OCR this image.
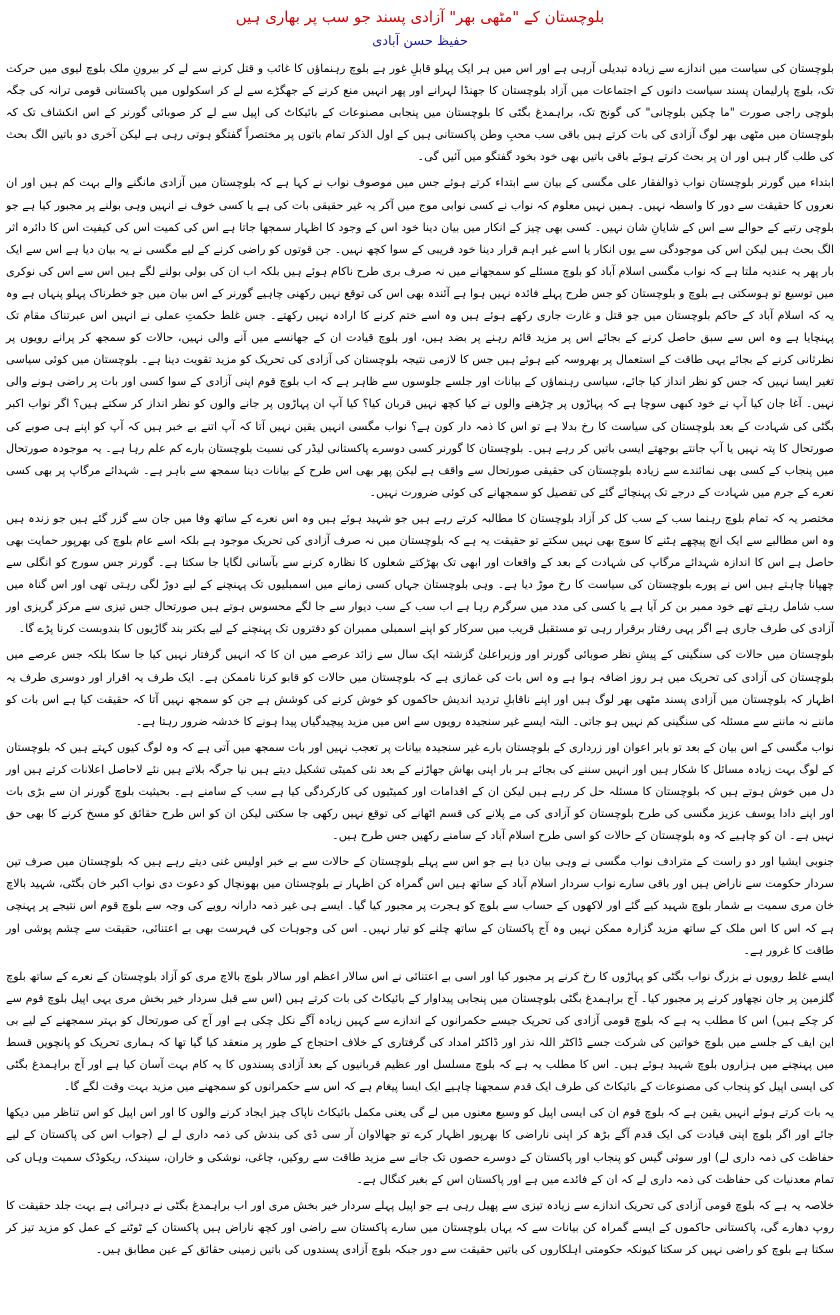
بلوچستان کے "مٹھی بھر" آزادی پسند جو سب پر بھاری ہیں
حفیظ حسن آبادی

بلوچستان کی سیاست میں اندازے سے زیادہ تبدیلی آرہی ہے اور اس میں ہر ایک پہلو قابلِ غور ہے بلوچ رہنماؤں کا غائب و قتل کرنے سے لے کر بیرونِ ملک بلوچ لیوی میں حرکت تک، بلوچ پارلیمان پسند سیاست دانوں کے اجتماعات میں آزاد بلوچستان کا جھنڈا لہرانے اور پھر انہیں منع کرنے کے جھگڑے سے لے کر اسکولوں میں پاکستانی قومی ترانہ کی جگہ بلوچی راجی صورت "ما چکیں بلوچانی" کی گونج تک، براہمدغ بگٹی کا بلوچستان میں پنجابی مصنوعات کے بائیکاٹ کی اپیل سے لے کر صوبائی گورنر کے اس انکشاف تک کہ بلوچستان میں مٹھی بھر لوگ آزادی کی بات کرتے ہیں باقی سب محبِ وطن پاکستانی ہیں کے اول الذکر تمام باتوں پر مختصراً گفتگو ہوتی رہی ہے لیکن آخری دو باتیں الگ بحث کی طلب گار ہیں اور ان پر بحث کرتے ہوئے باقی باتیں بھی خود بخود گفتگو میں آئیں گی۔

ابتداء میں گورنر بلوچستان نواب ذوالفقار علی مگسی کے بیان سے ابتداء کرتے ہوئے جس میں موصوف نواب نے کہا ہے کہ بلوچستان میں آزادی مانگنے والے بہت کم ہیں اور ان نعروں کا حقیقت سے دور کا واسطہ نہیں۔ ہمیں نہیں معلوم کہ نواب نے کسی نوابی موج میں آکر یہ غیر حقیقی بات کی ہے یا کسی خوف نے انہیں وہی بولنے پر مجبور کیا ہے جو بلوچی رتبے کے حوالے سے اس کے شایانِ شان نہیں۔ کسی بھی چیز کے انکار میں بیان دینا خود اس کے وجود کا اظہار سمجھا جاتا ہے اس کی کمیت اس کی کیفیت اس کا دائرہ اثر الگ بحث ہیں لیکن اس کی موجودگی سے یوں انکار یا اسے غیر اہم قرار دینا خود فریبی کے سوا کچھ نہیں۔ جن قوتوں کو راضی کرنے کے لیے مگسی نے یہ بیان دیا ہے اس سے ایک بار پھر یہ عندیہ ملتا ہے کہ نواب مگسی اسلام آباد کو بلوچ مسئلے کو سمجھانے میں نہ صرف بری طرح ناکام ہوئے ہیں بلکہ اب ان کی بولی بولنے لگے ہیں اس سے اس کی نوکری میں توسیع تو ہوسکتی ہے بلوچ و بلوچستان کو جس طرح پہلے فائدہ نہیں ہوا ہے آئندہ بھی اس کی توقع نہیں رکھنی چاہیے گورنر کے اس بیان میں جو خطرناک پہلو پنہاں ہے وہ یہ کہ اسلام آباد کے حاکم بلوچستان میں جو قتل و غارت جاری رکھے ہوئے ہیں وہ اسے ختم کرنے کا ارادہ نہیں رکھتے۔ جس غلط حکمتِ عملی نے انہیں اس عبرتناک مقام تک پہنچایا ہے وہ اس سے سبق حاصل کرنے کے بجائے اس پر مزید قائم رہنے پر بضد ہیں، اور بلوچ قیادت ان کے جھانسے میں آنے والی نہیں، حالات کو سمجھ کر پرانے رویوں پر نظرثانی کرنے کے بجائے یہی طاقت کے استعمال پر بھروسہ کیے ہوئے ہیں جس کا لازمی نتیجہ بلوچستان کی آزادی کی تحریک کو مزید تقویت دینا ہے۔ بلوچستان میں کوئی سیاسی تغیر ایسا نہیں کہ جس کو نظر انداز کیا جائے، سیاسی رہنماؤں کے بیانات اور جلسے جلوسوں سے ظاہر ہے کہ اب بلوچ قوم اپنی آزادی کے سوا کسی اور بات پر راضی ہونے والی نہیں۔ آغا جان کیا آپ نے خود کبھی سوچا ہے کہ پہاڑوں پر چڑھنے والوں نے کیا کچھ نہیں قربان کیا؟ کیا آپ ان پہاڑوں پر جانے والوں کو نظر انداز کر سکتے ہیں؟ اگر نواب اکبر بگٹی کی شہادت کے بعد بلوچستان کی سیاست کا رخ بدلا ہے تو اس کا ذمہ دار کون ہے؟ نواب مگسی انہیں یقین نہیں آتا کہ آپ اتنے بے خبر ہیں کہ آپ کو اپنے ہی صوبے کی صورتحال کا پتہ نہیں یا آپ جانتے بوجھتے ایسی باتیں کر رہے ہیں۔ بلوچستان کا گورنر کسی دوسرے پاکستانی لیڈر کی نسبت بلوچستان بارے کم علم رہا ہے۔ یہ موجودہ صورتحال میں پنجاب کے کسی بھی نمائندے سے زیادہ بلوچستان کی حقیقی صورتحال سے واقف ہے لیکن پھر بھی اس طرح کے بیانات دینا سمجھ سے باہر ہے۔ شہدائے مرگاپ پر بھی کسی نعرے کے جرم میں شہادت کے درجے تک پہنچائے گئے کی تفصیل کو سمجھانے کی کوئی ضرورت نہیں۔

مختصر یہ کہ تمام بلوچ رہنما سب کے سب کل کر آزاد بلوچستان کا مطالبہ کرتے رہے ہیں جو شہید ہوئے ہیں وہ اس نعرے کے ساتھ وفا میں جان سے گزر گئے ہیں جو زندہ ہیں وہ اس مطالبے سے ایک انچ پیچھے ہٹنے کا سوچ بھی نہیں سکتے تو حقیقت یہ ہے کہ بلوچستان میں نہ صرف آزادی کی تحریک موجود ہے بلکہ اسے عام بلوچ کی بھرپور حمایت بھی حاصل ہے اس کا اندازہ شہدائے مرگاپ کی شہادت کے بعد کے واقعات اور ابھی تک بھڑکتے شعلوں کا نظارہ کرنے سے بآسانی لگایا جا سکتا ہے۔ گورنر جس سورج کو انگلی سے چھپانا چاہتے ہیں اس نے پورے بلوچستان کی سیاست کا رخ موڑ دیا ہے۔ وہی بلوچستان جہاں کسی زمانے میں اسمبلیوں تک پہنچنے کے لیے دوڑ لگی رہتی تھی اور اس گناہ میں سب شامل رہتے تھے خود ممبر بن کر آیا ہے یا کسی کی مدد میں سرگرم رہا ہے اب سب کے سب دیوار سے جا لگے محسوس ہوتے ہیں صورتحال جس تیزی سے مرکز گریزی اور آزادی کی طرف جاری ہے اگر یہی رفتار برقرار رہی تو مستقبل قریب میں سرکار کو اپنے اسمبلی ممبران کو دفتروں تک پہنچنے کے لیے بکتر بند گاڑیوں کا بندوبست کرنا پڑے گا۔

بلوچستان میں حالات کی سنگینی کے پیشِ نظر صوبائی گورنر اور وزیراعلیٰ گزشتہ ایک سال سے زائد عرصے میں ان کا کہ انہیں گرفتار نہیں کیا جا سکا بلکہ جس عرصے میں بلوچستان کی آزادی کی تحریک میں ہر روز اضافہ ہوا ہے وہ اس بات کی غمازی ہے کہ بلوچستان میں حالات کو قابو کرنا ناممکن ہے۔ ایک طرف یہ اقرار اور دوسری طرف یہ اظہار کہ بلوچستان میں آزادی پسند مٹھی بھر لوگ ہیں اور اپنے ناقابلِ تردید اندیش حاکموں کو خوش کرنے کی کوشش ہے جن کو سمجھ نہیں آتا کہ حقیقت کیا ہے اس بات کو ماننے نہ ماننے سے مسئلہ کی سنگینی کم نہیں ہو جاتی۔ البتہ ایسے غیر سنجیدہ رویوں سے اس میں مزید پیچیدگیاں پیدا ہونے کا خدشہ ضرور رہتا ہے۔

نواب مگسی کے اس بیان کے بعد تو بابر اعوان اور زرداری کے بلوچستان بارے غیر سنجیدہ بیانات پر تعجب نہیں اور بات سمجھ میں آتی ہے کہ وہ لوگ کیوں کہتے ہیں کہ بلوچستان کے لوگ بہت زیادہ مسائل کا شکار ہیں اور انہیں سننے کی بجائے ہر بار اپنی بھاش جھاڑنے کے بعد نئی کمیٹی تشکیل دیتے ہیں نیا جرگہ بلاتے ہیں نئے لاحاصل اعلانات کرتے ہیں اور دل میں خوش ہوتے ہیں کہ بلوچستان کا مسئلہ حل کر رہے ہیں لیکن ان کے اقدامات اور کمیٹیوں کی کارکردگی کیا ہے سب کے سامنے ہے۔ بحیثیت بلوچ گورنر ان سے بڑی بات اور اپنے دادا یوسف عزیز مگسی کی طرح بلوچستان کو آزادی کی مے پلانے کی قسم اٹھانے کی توقع نہیں رکھی جا سکتی لیکن ان کو اس طرح حقائق کو مسخ کرنے کا بھی حق نہیں ہے۔ ان کو چاہیے کہ وہ بلوچستان کے حالات کو اسی طرح اسلام آباد کے سامنے رکھیں جس طرح ہیں۔

جنوبی ایشیا اور دو راست کے مترادف نواب مگسی نے وہی بیان دیا ہے جو اس سے پہلے بلوچستان کے حالات سے بے خبر اولیس غنی دیتے رہے ہیں کہ بلوچستان میں صرف تین سردار حکومت سے ناراض ہیں اور باقی سارے نواب سردار اسلام آباد کے ساتھ ہیں اس گمراہ کن اظہار نے بلوچستان میں بھونچال کو دعوت دی نواب اکبر خان بگٹی، شہید بالاچ خان مری سمیت بے شمار بلوچ شہید کیے گئے اور لاکھوں کے حساب سے بلوچ کو ہجرت پر مجبور کیا گیا۔ ایسے ہی غیر ذمہ دارانہ رویے کی وجہ سے بلوچ قوم اس نتیجے پر پہنچی ہے کہ اس کا اس ملک کے ساتھ مزید گزارہ ممکن نہیں وہ آج پاکستان کے ساتھ چلنے کو تیار نہیں۔ اس کی وجوہات کی فہرست بھی بے اعتنائی، حقیقت سے چشم پوشی اور طاقت کا غرور ہے۔

ایسے غلط رویوں نے بزرگ نواب بگٹی کو پہاڑوں کا رخ کرنے پر مجبور کیا اور اسی بے اعتنائی نے اس سالار اعظم اور سالار بلوچ بالاچ مری کو آزاد بلوچستان کے نعرے کے ساتھ بلوچ گلزمین پر جان نچھاور کرنے پر مجبور کیا۔ آج براہمدغ بگٹی بلوچستان میں پنجابی پیداوار کے بائیکاٹ کی بات کرتے ہیں (اس سے قبل سردار خیر بخش مری یہی اپیل بلوچ قوم سے کر چکے ہیں) اس کا مطلب یہ ہے کہ بلوچ قومی آزادی کی تحریک جیسے حکمرانوں کے اندازے سے کہیں زیادہ آگے نکل چکی ہے اور آج کی صورتحال کو بہتر سمجھنے کے لیے بی این ایف کے جلسے میں بلوچ خواتین کی شرکت جسے ڈاکٹر اللہ نذر اور ڈاکٹر امداد کی گرفتاری کے خلاف احتجاج کے طور پر منعقد کیا گیا تھا کہ ہماری تحریک کو پانچویں قسط میں پہنچنے میں ہزاروں بلوچ شہید ہوئے ہیں۔ اس کا مطلب یہ ہے کہ بلوچ مسلسل اور عظیم قربانیوں کے بعد آزادی پسندوں کا یہ کام بہت آسان کیا ہے اور آج براہمدغ بگٹی کی ایسی اپیل کو پنجاب کی مصنوعات کے بائیکاٹ کی طرف ایک قدم سمجھنا چاہیے ایک ایسا پیغام ہے کہ اس سے حکمرانوں کو سمجھنے میں مزید بہت وقت لگے گا۔

یہ بات کرتے ہوئے انہیں یقین ہے کہ بلوچ قوم ان کی ایسی اپیل کو وسیع معنوں میں لے گی یعنی مکمل بائیکاٹ ناپاک چیز ایجاد کرنے والوں کا اور اس اپیل کو اس تناظر میں دیکھا جائے اور اگر بلوچ اپنی قیادت کی ایک قدم آگے بڑھ کر اپنی ناراضی کا بھرپور اظہار کرے تو جھالاوان آر سی ڈی کی بندش کی ذمہ داری لے لے (جواب اس کی پاکستان کے لیے حفاظت کی ذمہ داری لے) اور سوئی گیس کو پنجاب اور پاکستان کے دوسرے حصوں تک جانے سے مزید طاقت سے روکیں، چاغی، نوشکی و خاران، سیندک، ریکوڈک سمیت وہاں کی تمام معدنیات کی حفاظت کی ذمہ داری لے کہ ان کے فائدے میں ہے اور پاکستان اس کے بغیر کنگال ہے۔

خلاصہ یہ ہے کہ بلوچ قومی آزادی کی تحریک اندازے سے زیادہ تیزی سے پھیل رہی ہے جو اپیل پہلے سردار خیر بخش مری اور اب براہمدغ بگٹی نے دہرائی ہے بہت جلد حقیقت کا روپ دھارے گی، پاکستانی حاکموں کے ایسے گمراہ کن بیانات سے کہ یہاں بلوچستان میں سارے پاکستان سے راضی اور کچھ ناراض ہیں پاکستان کے ٹوٹنے کے عمل کو مزید تیز کر سکتا ہے بلوچ کو راضی نہیں کر سکتا کیونکہ حکومتی اہلکاروں کی باتیں حقیقت سے دور جبکہ بلوچ آزادی پسندوں کی باتیں زمینی حقائق کے عین مطابق ہیں۔
